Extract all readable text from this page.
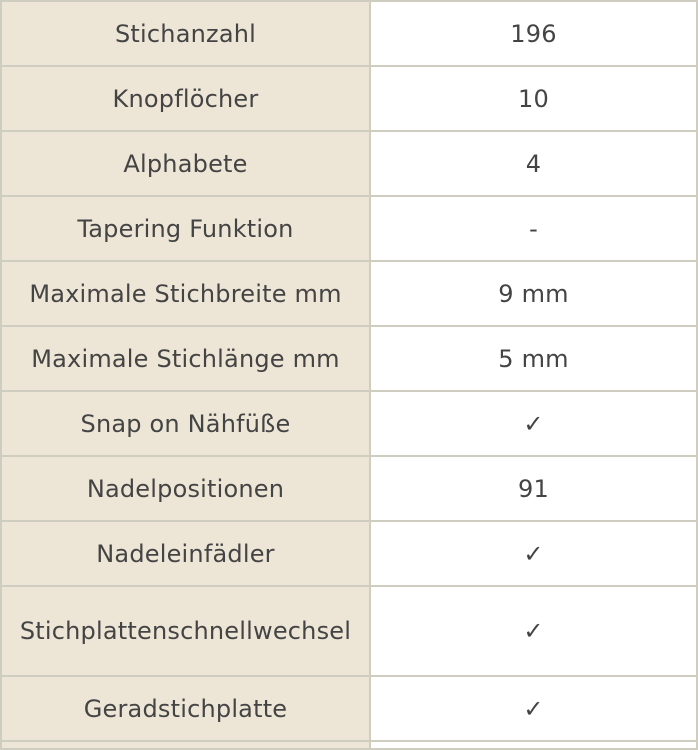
Stichanzahl	196
Knopflöcher	10
Alphabete	4
Tapering Funktion	-
Maximale Stichbreite mm	9 mm
Maximale Stichlänge mm	5 mm
Snap on Nähfüße	✓
Nadelpositionen	91
Nadeleinfädler	✓
Stichplattenschnellwechsel	✓
Geradstichplatte	✓
